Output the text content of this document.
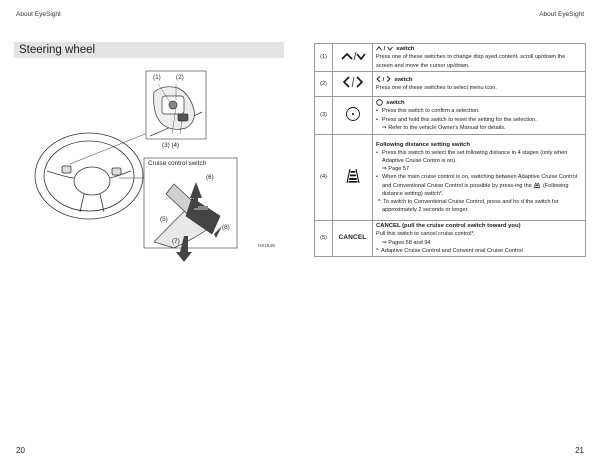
About EyeSight	About EyeSight
Steering wheel
(1) (2)
(3) (4)
Cruise control switch
(6)
(5)
(8)
(7)
H01849
(1)		/ switch
Press one of these switches to change disp ayed content, scroll up/down the screen and move the cursor up/down.

(2)		/ switch
Press one of these switches to select menu icon.

(3)		switch
• Press this switch to confirm a selection.
• Press and hold this switch to reset the setting for the selection.
⇒ Refer to the vehicle Owner's Manual for details.

(4)		Following distance setting switch
• Press this switch to select the set following distance in 4 stages (only when Adaptive Cruise Contro is on).
⇒ Page 57
• When the main cruise control is on, switching between Adaptive Cruise Control and Conventional Cruise Control is possible by press-ing the (Following distance setting) switch*.
*: To switch to Conventional Cruise Control, press and ho d the switch for approximately 2 seconds or longer.

(5)	CANCEL	CANCEL (pull the cruise control switch toward you)
Pull this switch to cancel cruise control*.
⇒ Pages 58 and 94
*: Adaptive Cruise Control and Convent onal Cruise Control
20	21
